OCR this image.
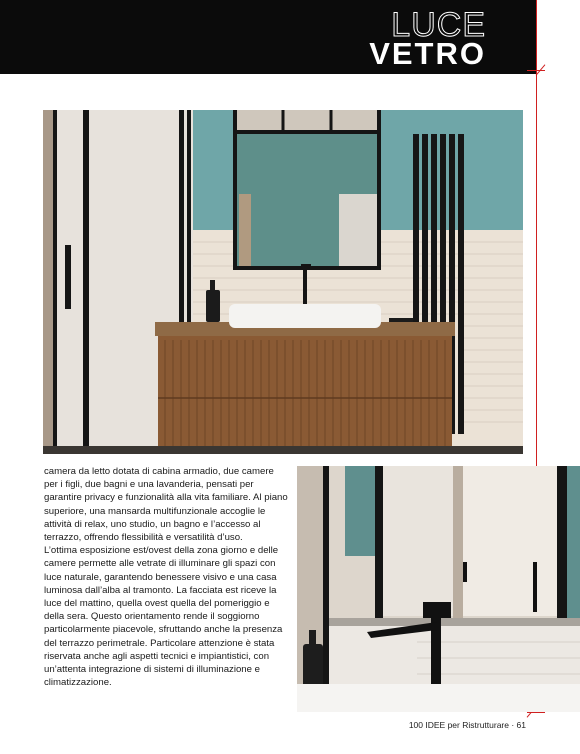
LUCE
VETRO

camera da letto dotata di cabina armadio, due camere per i figli, due bagni e una lavanderia, pensati per garantire privacy e funzionalità alla vita familiare. Al piano superiore, una mansarda multifunzionale accoglie le attività di relax, uno studio, un bagno e l’accesso al terrazzo, offrendo flessibilità e versatilità d’uso.

L’ottima esposizione est/ovest della zona giorno e delle camere permette alle vetrate di illuminare gli spazi con luce naturale, garantendo benessere visivo e una casa luminosa dall’alba al tramonto. La facciata est riceve la luce del mattino, quella ovest quella del pomeriggio e della sera. Questo orientamento rende il soggiorno particolarmente piacevole, sfruttando anche la presenza del terrazzo perimetrale. Particolare attenzione è stata riservata anche agli aspetti tecnici e impiantistici, con un’attenta integrazione di sistemi di illuminazione e climatizzazione.

100 IDEE per Ristrutturare · 61
